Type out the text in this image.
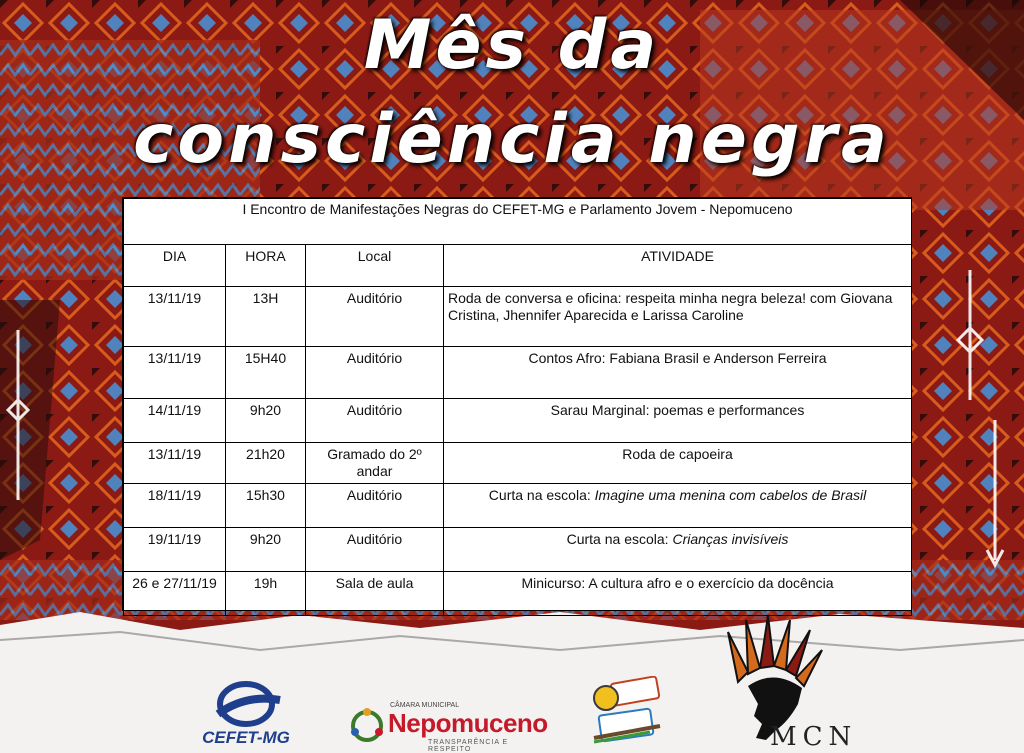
Mês da
consciência negra
I Encontro de Manifestações Negras do CEFET-MG e Parlamento Jovem - Nepomuceno			
DIA	HORA	Local	ATIVIDADE
13/11/19	13H	Auditório	Roda de conversa e oficina: respeita minha negra beleza! com Giovana Cristina, Jhennifer Aparecida e Larissa Caroline
13/11/19	15H40	Auditório	Contos Afro: Fabiana Brasil e Anderson Ferreira
14/11/19	9h20	Auditório	Sarau Marginal: poemas e performances
13/11/19	21h20	Gramado do 2º andar	Roda de capoeira
18/11/19	15h30	Auditório	Curta na escola: Imagine uma menina com cabelos de Brasil
19/11/19	9h20	Auditório	Curta na escola: Crianças invisíveis
26 e 27/11/19	19h	Sala de aula	Minicurso: A cultura afro e o exercício da docência
CEFET-MG
CÂMARA MUNICIPAL
Nepomuceno
TRANSPARÊNCIA E RESPEITO	MCN
